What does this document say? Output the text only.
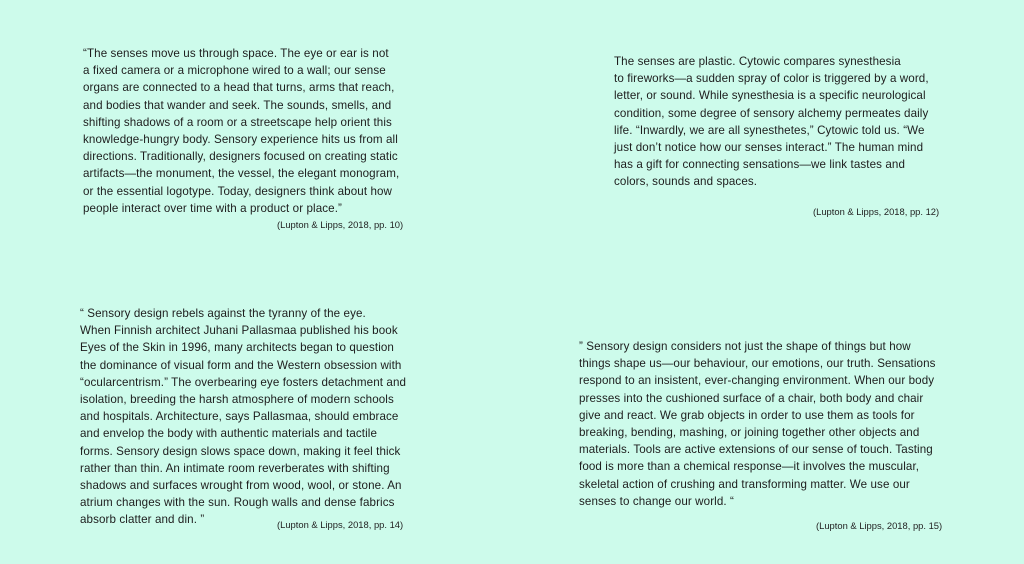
“The senses move us through space. The eye or ear is not
a fixed camera or a microphone wired to a wall; our sense
organs are connected to a head that turns, arms that reach,
and bodies that wander and seek. The sounds, smells, and
shifting shadows of a room or a streetscape help orient this
knowledge-hungry body. Sensory experience hits us from all
directions. Traditionally, designers focused on creating static
artifacts—the monument, the vessel, the elegant monogram,
or the essential logotype. Today, designers think about how
people interact over time with a product or place.”

(Lupton & Lipps, 2018, pp. 10)

The senses are plastic. Cytowic compares synesthesia
to fireworks—a sudden spray of color is triggered by a word,
letter, or sound. While synesthesia is a specific neurological
condition, some degree of sensory alchemy permeates daily
life. “Inwardly, we are all synesthetes,” Cytowic told us. “We
just don’t notice how our senses interact.” The human mind
has a gift for connecting sensations—we link tastes and
colors, sounds and spaces.

(Lupton & Lipps, 2018, pp. 12)

“ Sensory design rebels against the tyranny of the eye.
When Finnish architect Juhani Pallasmaa published his book
Eyes of the Skin in 1996, many architects began to question
the dominance of visual form and the Western obsession with
“ocularcentrism.” The overbearing eye fosters detachment and
isolation, breeding the harsh atmosphere of modern schools
and hospitals. Architecture, says Pallasmaa, should embrace
and envelop the body with authentic materials and tactile
forms. Sensory design slows space down, making it feel thick
rather than thin. An intimate room reverberates with shifting
shadows and surfaces wrought from wood, wool, or stone. An
atrium changes with the sun. Rough walls and dense fabrics
absorb clatter and din. ”	(Lupton & Lipps, 2018, pp. 14)

” Sensory design considers not just the shape of things but how
things shape us—our behaviour, our emotions, our truth. Sensations
respond to an insistent, ever-changing environment. When our body
presses into the cushioned surface of a chair, both body and chair
give and react. We grab objects in order to use them as tools for
breaking, bending, mashing, or joining together other objects and
materials. Tools are active extensions of our sense of touch. Tasting
food is more than a chemical response—it involves the muscular,
skeletal action of crushing and transforming matter. We use our
senses to change our world. “

(Lupton & Lipps, 2018, pp. 15)
